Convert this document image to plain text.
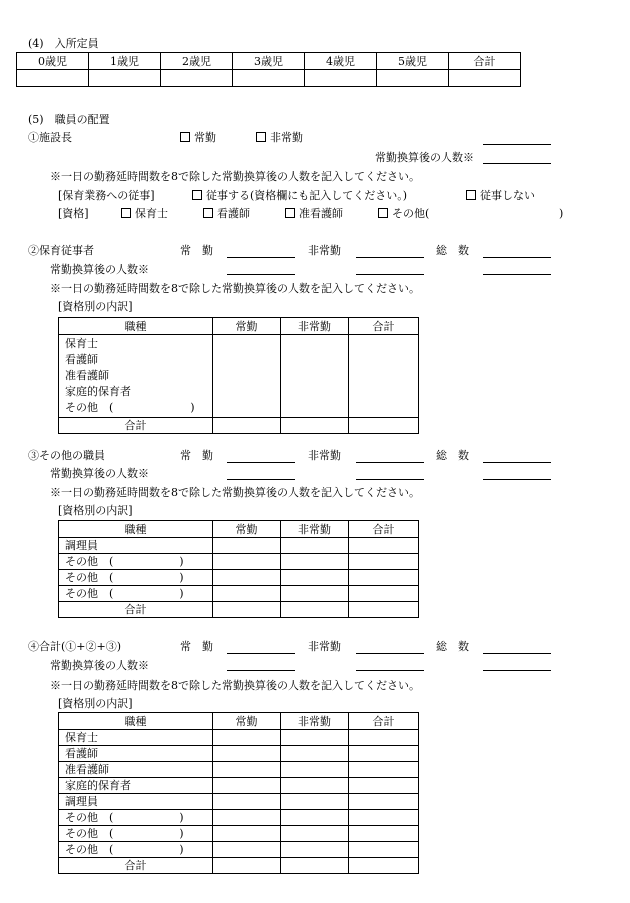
(4)　入所定員
0歳児	1歳児	2歳児	3歳児	4歳児	5歳児	合計

(5)　職員の配置
①施設長	常勤	非常勤
常勤換算後の人数※
※一日の勤務延時間数を8で除した常勤換算後の人数を記入してください。
[保育業務への従事]	従事する(資格欄にも記入してください。)	従事しない
[資格]	保育士	看護師	准看護師	その他(	)
②保育従事者	常　勤	非常勤	総　数
常勤換算後の人数※
※一日の勤務延時間数を8で除した常勤換算後の人数を記入してください。
[資格別の内訳]
職種	常勤	非常勤	合計

保育士
看護師
准看護師
家庭的保育者
その他　(　　　　　　　)			

合計			
③その他の職員	常　勤	非常勤	総　数
常勤換算後の人数※
※一日の勤務延時間数を8で除した常勤換算後の人数を記入してください。
[資格別の内訳]
職種	常勤	非常勤	合計
調理員			
その他　(　　　　　　)			
その他　(　　　　　　)			
その他　(　　　　　　)			
合計			
④合計(①+②+③)	常　勤	非常勤	総　数
常勤換算後の人数※
※一日の勤務延時間数を8で除した常勤換算後の人数を記入してください。
[資格別の内訳]
職種	常勤	非常勤	合計
保育士			
看護師			
准看護師			
家庭的保育者			
調理員			
その他　(　　　　　　)			
その他　(　　　　　　)			
その他　(　　　　　　)			
合計			
